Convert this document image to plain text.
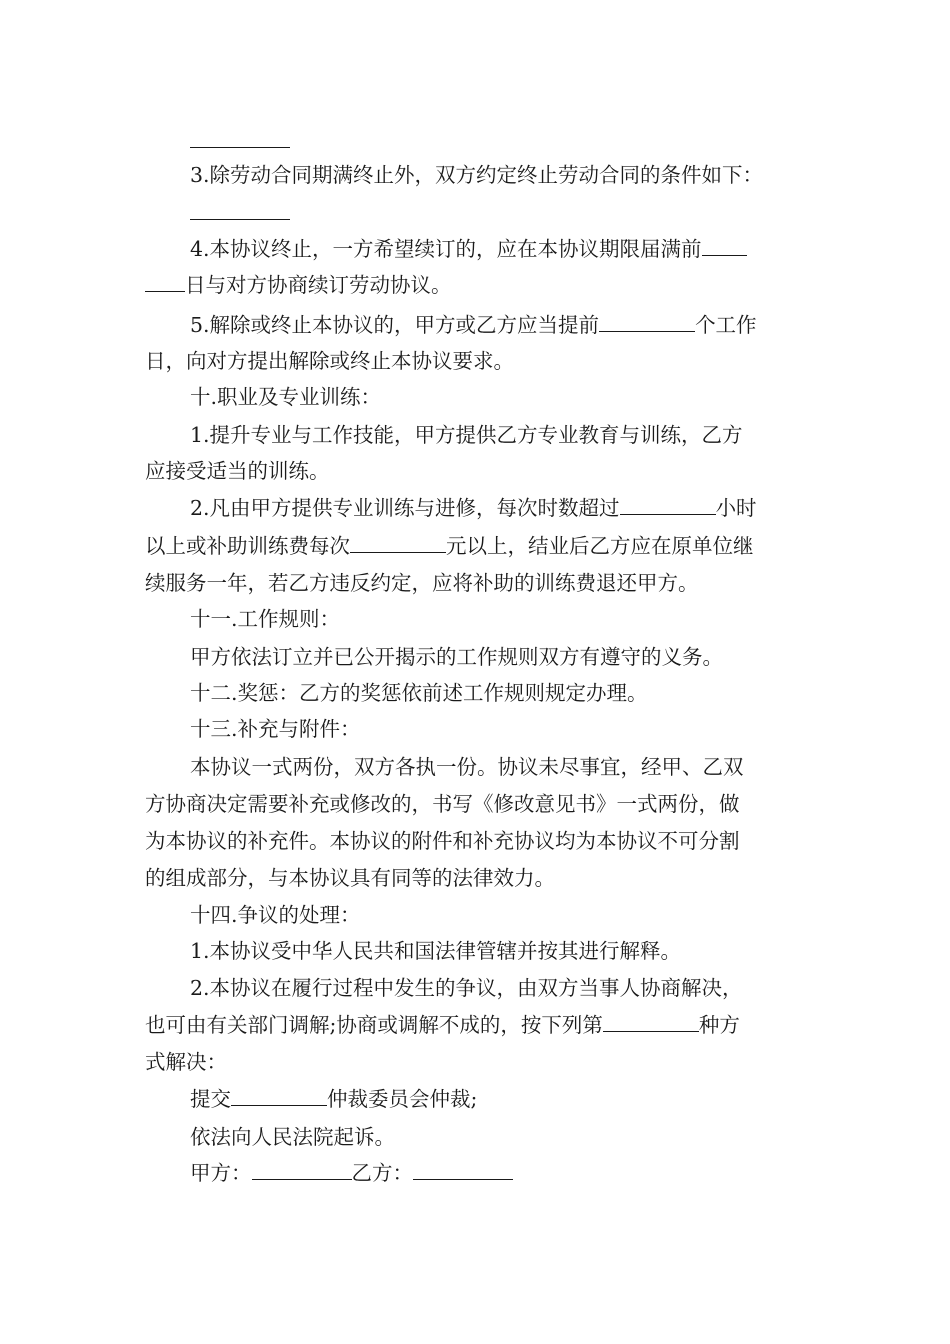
3.除劳动合同期满终止外，双方约定终止劳动合同的条件如下：
4.本协议终止，一方希望续订的，应在本协议期限届满前
日与对方协商续订劳动协议。
5.解除或终止本协议的，甲方或乙方应当提前	个工作
日，向对方提出解除或终止本协议要求。
十.职业及专业训练：
1.提升专业与工作技能，甲方提供乙方专业教育与训练，乙方
应接受适当的训练。
2.凡由甲方提供专业训练与进修，每次时数超过	小时
以上或补助训练费每次	元以上，结业后乙方应在原单位继
续服务一年，若乙方违反约定，应将补助的训练费退还甲方。
十一.工作规则：
甲方依法订立并已公开揭示的工作规则双方有遵守的义务。
十二.奖惩：乙方的奖惩依前述工作规则规定办理。
十三.补充与附件：
本协议一式两份，双方各执一份。协议未尽事宜，经甲、乙双
方协商决定需要补充或修改的，书写《修改意见书》一式两份，做
为本协议的补充件。本协议的附件和补充协议均为本协议不可分割
的组成部分，与本协议具有同等的法律效力。
十四.争议的处理：
1.本协议受中华人民共和国法律管辖并按其进行解释。
2.本协议在履行过程中发生的争议，由双方当事人协商解决，
也可由有关部门调解;协商或调解不成的，按下列第	种方
式解决：
提交	仲裁委员会仲裁;
依法向人民法院起诉。
甲方：	乙方：
